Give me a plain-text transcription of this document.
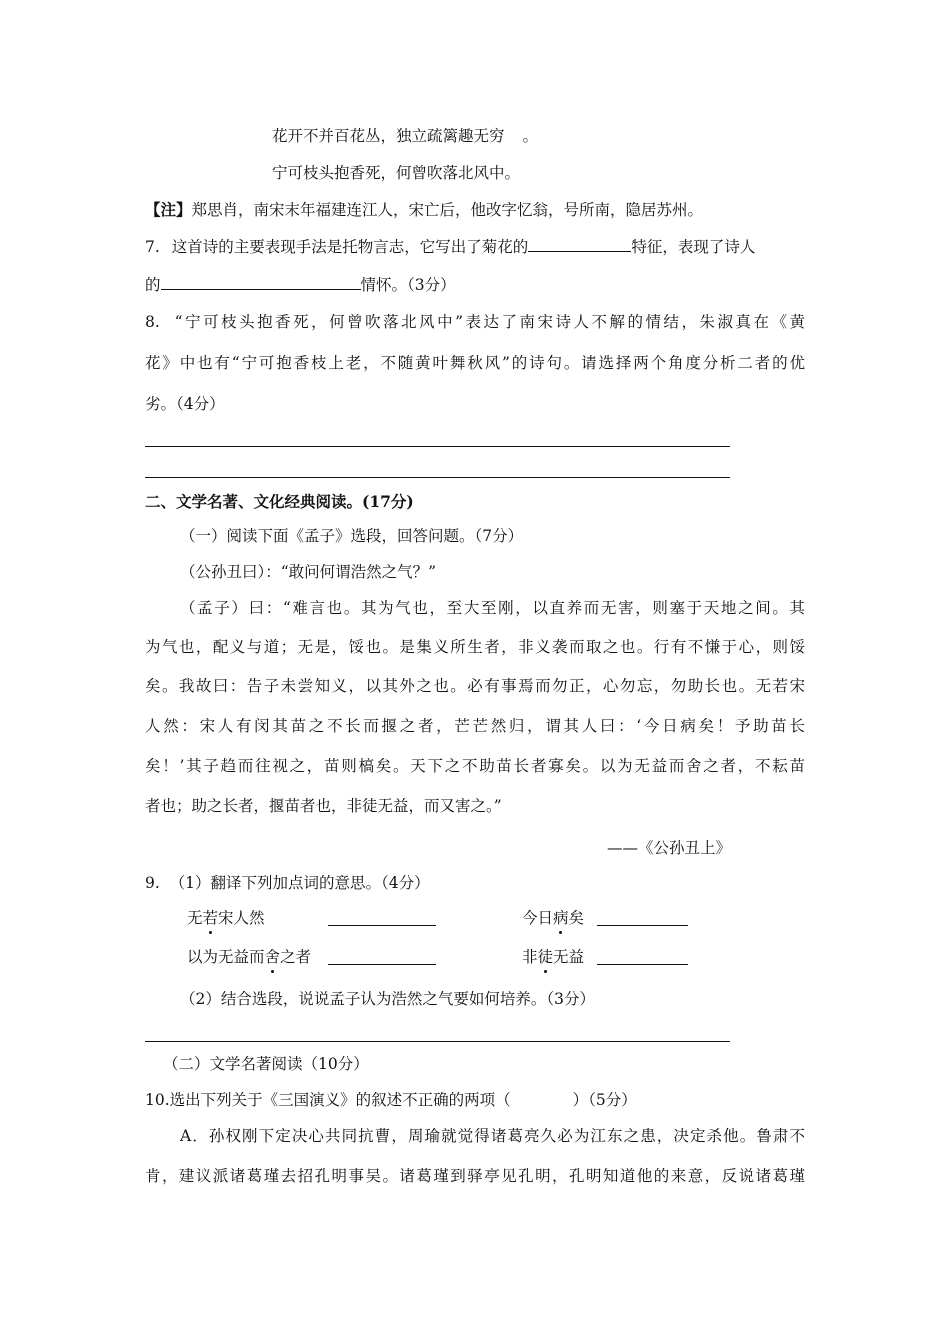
花开不并百花丛，独立疏篱趣无穷 。
宁可枝头抱香死，何曾吹落北风中。
【注】郑思肖，南宋末年福建连江人，宋亡后，他改字忆翁，号所南，隐居苏州。
7. 这首诗的主要表现手法是托物言志，它写出了菊花的	特征，表现了诗人
的	情怀。（3分）
8. “宁可枝头抱香死，何曾吹落北风中”表达了南宋诗人不解的情结，朱淑真在《黄
花》中也有“宁可抱香枝上老，不随黄叶舞秋风”的诗句。请选择两个角度分析二者的优
劣。（4分）
二、文学名著、文化经典阅读。(17分)
（一）阅读下面《孟子》选段，回答问题。（7分）
（公孙丑曰）：“敢问何谓浩然之气？”
（孟子）曰：“难言也。其为气也，至大至刚，以直养而无害，则塞于天地之间。其
为气也，配义与道；无是，馁也。是集义所生者，非义袭而取之也。行有不慊于心，则馁
矣。我故曰：告子未尝知义，以其外之也。必有事焉而勿正，心勿忘，勿助长也。无若宋
人然：宋人有闵其苗之不长而揠之者，芒芒然归，谓其人曰：‘今日病矣！予助苗长
矣！’其子趋而往视之，苗则槁矣。天下之不助苗长者寡矣。以为无益而舍之者，不耘苗
者也；助之长者，揠苗者也，非徒无益，而又害之。”
——《公孙丑上》
9. （1）翻译下列加点词的意思。（4分）
无若宋人然	今日病矣
以为无益而舍之者	非徒无益
（2）结合选段，说说孟子认为浩然之气要如何培养。（3分）
（二）文学名著阅读（10分）
10.选出下列关于《三国演义》的叙述不正确的两项（	）（5分）
A．孙权刚下定决心共同抗曹，周瑜就觉得诸葛亮久必为江东之患，决定杀他。鲁肃不
肯，建议派诸葛瑾去招孔明事吴。诸葛瑾到驿亭见孔明，孔明知道他的来意，反说诸葛瑾
